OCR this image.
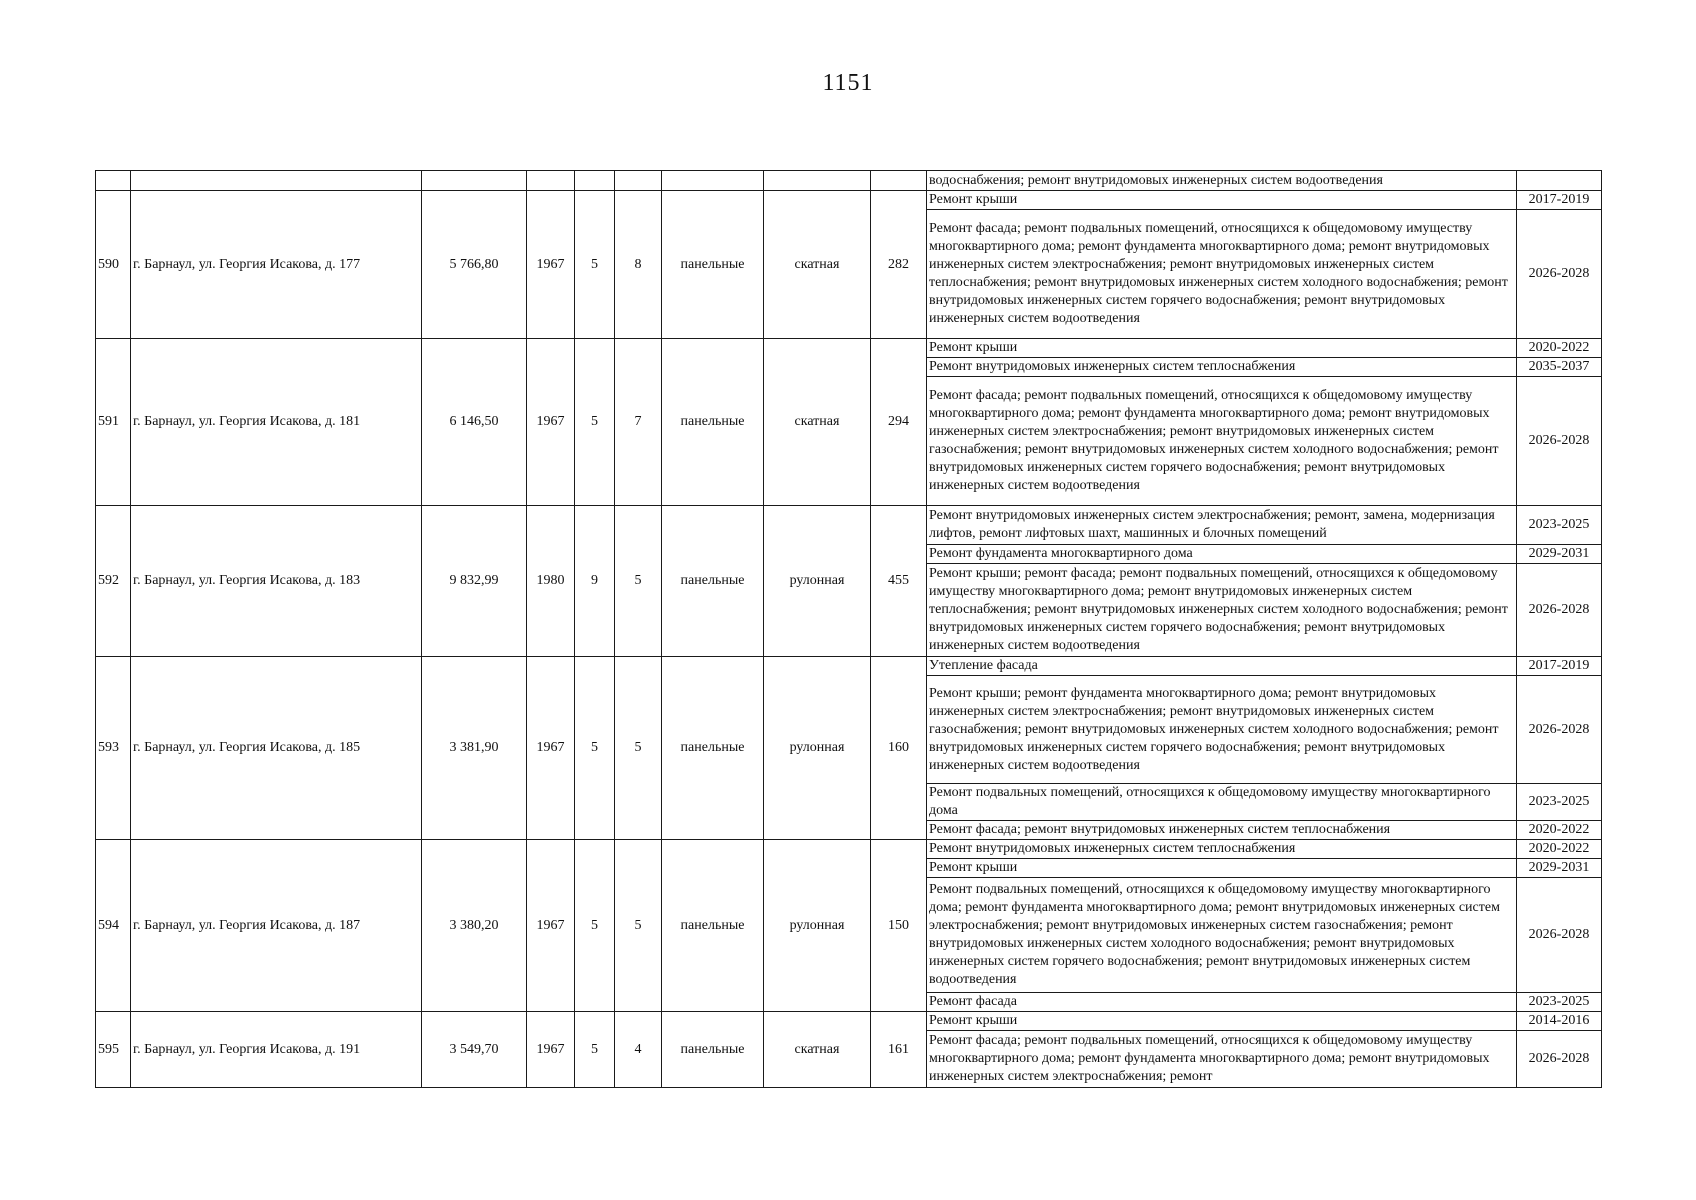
1151
									водоснабжения; ремонт внутридомовых инженерных систем водоотведения	
590	г. Барнаул, ул. Георгия Исакова, д. 177	5 766,80	1967	5	8	панельные	скатная	282	Ремонт крыши	2017-2019
									Ремонт фасада; ремонт подвальных помещений, относящихся к общедомовому имуществу многоквартирного дома; ремонт фундамента многоквартирного дома; ремонт внутридомовых инженерных систем электроснабжения; ремонт внутридомовых инженерных систем теплоснабжения; ремонт внутридомовых инженерных систем холодного водоснабжения; ремонт внутридомовых инженерных систем горячего водоснабжения; ремонт внутридомовых инженерных систем водоотведения	2026-2028
591	г. Барнаул, ул. Георгия Исакова, д. 181	6 146,50	1967	5	7	панельные	скатная	294	Ремонт крыши	2020-2022
									Ремонт внутридомовых инженерных систем теплоснабжения	2035-2037
									Ремонт фасада; ремонт подвальных помещений, относящихся к общедомовому имуществу многоквартирного дома; ремонт фундамента многоквартирного дома; ремонт внутридомовых инженерных систем электроснабжения; ремонт внутридомовых инженерных систем газоснабжения; ремонт внутридомовых инженерных систем холодного водоснабжения; ремонт внутридомовых инженерных систем горячего водоснабжения; ремонт внутридомовых инженерных систем водоотведения	2026-2028
592	г. Барнаул, ул. Георгия Исакова, д. 183	9 832,99	1980	9	5	панельные	рулонная	455	Ремонт внутридомовых инженерных систем электроснабжения; ремонт, замена, модернизация лифтов, ремонт лифтовых шахт, машинных и блочных помещений	2023-2025
									Ремонт фундамента многоквартирного дома	2029-2031
									Ремонт крыши; ремонт фасада; ремонт подвальных помещений, относящихся к общедомовому имуществу многоквартирного дома; ремонт внутридомовых инженерных систем теплоснабжения; ремонт внутридомовых инженерных систем холодного водоснабжения; ремонт внутридомовых инженерных систем горячего водоснабжения; ремонт внутридомовых инженерных систем водоотведения	2026-2028
593	г. Барнаул, ул. Георгия Исакова, д. 185	3 381,90	1967	5	5	панельные	рулонная	160	Утепление фасада	2017-2019
									Ремонт крыши; ремонт фундамента многоквартирного дома; ремонт внутридомовых инженерных систем электроснабжения; ремонт внутридомовых инженерных систем газоснабжения; ремонт внутридомовых инженерных систем холодного водоснабжения; ремонт внутридомовых инженерных систем горячего водоснабжения; ремонт внутридомовых инженерных систем водоотведения	2026-2028
									Ремонт подвальных помещений, относящихся к общедомовому имуществу многоквартирного дома	2023-2025
									Ремонт фасада; ремонт внутридомовых инженерных систем теплоснабжения	2020-2022
594	г. Барнаул, ул. Георгия Исакова, д. 187	3 380,20	1967	5	5	панельные	рулонная	150	Ремонт внутридомовых инженерных систем теплоснабжения	2020-2022
									Ремонт крыши	2029-2031
									Ремонт подвальных помещений, относящихся к общедомовому имуществу многоквартирного дома; ремонт фундамента многоквартирного дома; ремонт внутридомовых инженерных систем электроснабжения; ремонт внутридомовых инженерных систем газоснабжения; ремонт внутридомовых инженерных систем холодного водоснабжения; ремонт внутридомовых инженерных систем горячего водоснабжения; ремонт внутридомовых инженерных систем водоотведения	2026-2028
									Ремонт фасада	2023-2025
595	г. Барнаул, ул. Георгия Исакова, д. 191	3 549,70	1967	5	4	панельные	скатная	161	Ремонт крыши	2014-2016
									Ремонт фасада; ремонт подвальных помещений, относящихся к общедомовому имуществу многоквартирного дома; ремонт фундамента многоквартирного дома; ремонт внутридомовых инженерных систем электроснабжения; ремонт	2026-2028
